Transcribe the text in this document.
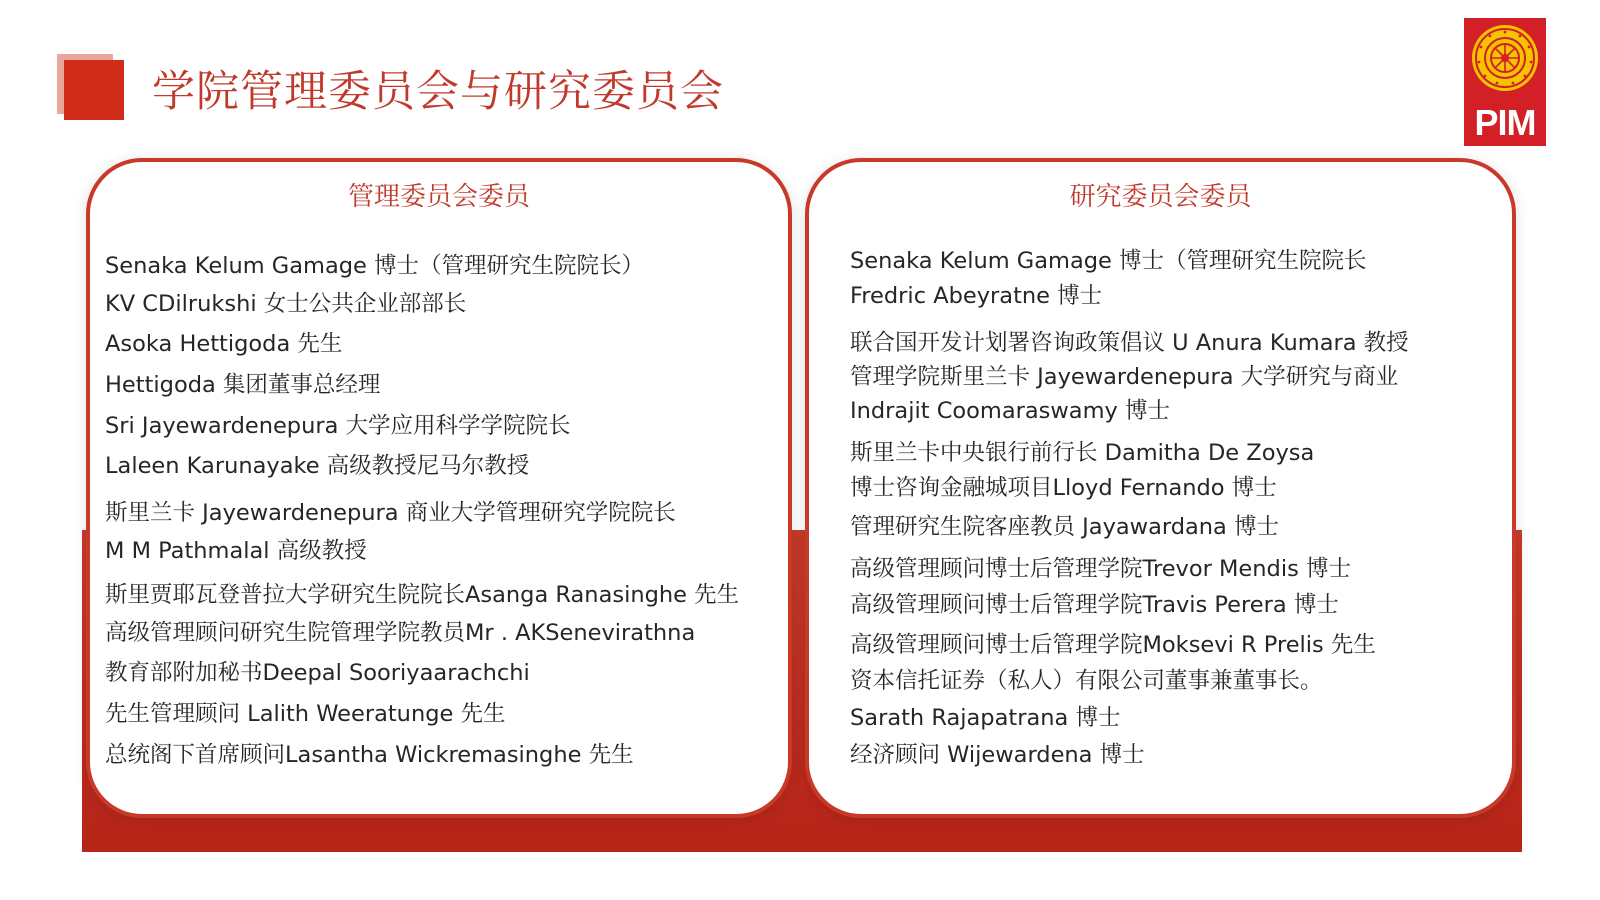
学院管理委员会与研究委员会
PIM
管理委员会委员
Senaka Kelum Gamage 博士（管理研究生院院长）
KV CDilrukshi 女士公共企业部部长
Asoka Hettigoda 先生
Hettigoda 集团董事总经理
Sri Jayewardenepura 大学应用科学学院院长
Laleen Karunayake 高级教授尼马尔教授
斯里兰卡 Jayewardenepura 商业大学管理研究学院院长
M M Pathmalal 高级教授
斯里贾耶瓦登普拉大学研究生院院长Asanga Ranasinghe 先生
高级管理顾问研究生院管理学院教员Mr . AKSenevirathna
教育部附加秘书Deepal Sooriyaarachchi
先生管理顾问 Lalith Weeratunge 先生
总统阁下首席顾问Lasantha Wickremasinghe 先生
研究委员会委员
Senaka Kelum Gamage 博士（管理研究生院院长
Fredric Abeyratne 博士
联合国开发计划署咨询政策倡议 U Anura Kumara 教授
管理学院斯里兰卡 Jayewardenepura 大学研究与商业
Indrajit Coomaraswamy 博士
斯里兰卡中央银行前行长 Damitha De Zoysa
博士咨询金融城项目Lloyd Fernando 博士
管理研究生院客座教员 Jayawardana 博士
高级管理顾问博士后管理学院Trevor Mendis 博士
高级管理顾问博士后管理学院Travis Perera 博士
高级管理顾问博士后管理学院Moksevi R Prelis 先生
资本信托证券（私人）有限公司董事兼董事长。
Sarath Rajapatrana 博士
经济顾问 Wijewardena 博士
